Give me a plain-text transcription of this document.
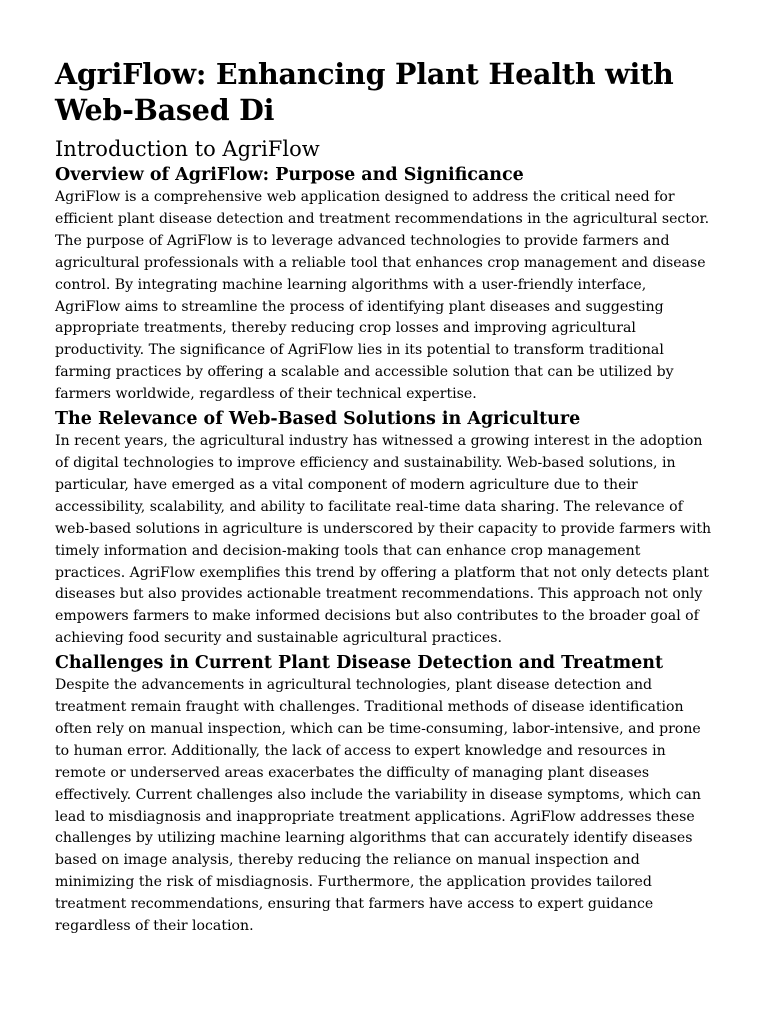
AgriFlow: Enhancing Plant Health with Web-Based Di
Introduction to AgriFlow
Overview of AgriFlow: Purpose and Significance

AgriFlow is a comprehensive web application designed to address the critical need for efficient plant disease detection and treatment recommendations in the agricultural sector. The purpose of AgriFlow is to leverage advanced technologies to provide farmers and agricultural professionals with a reliable tool that enhances crop management and disease control. By integrating machine learning algorithms with a user-friendly interface, AgriFlow aims to streamline the process of identifying plant diseases and suggesting appropriate treatments, thereby reducing crop losses and improving agricultural productivity. The significance of AgriFlow lies in its potential to transform traditional farming practices by offering a scalable and accessible solution that can be utilized by farmers worldwide, regardless of their technical expertise.

The Relevance of Web-Based Solutions in Agriculture

In recent years, the agricultural industry has witnessed a growing interest in the adoption of digital technologies to improve efficiency and sustainability. Web-based solutions, in particular, have emerged as a vital component of modern agriculture due to their accessibility, scalability, and ability to facilitate real-time data sharing. The relevance of web-based solutions in agriculture is underscored by their capacity to provide farmers with timely information and decision-making tools that can enhance crop management practices. AgriFlow exemplifies this trend by offering a platform that not only detects plant diseases but also provides actionable treatment recommendations. This approach not only empowers farmers to make informed decisions but also contributes to the broader goal of achieving food security and sustainable agricultural practices.

Challenges in Current Plant Disease Detection and Treatment

Despite the advancements in agricultural technologies, plant disease detection and treatment remain fraught with challenges. Traditional methods of disease identification often rely on manual inspection, which can be time-consuming, labor-intensive, and prone to human error. Additionally, the lack of access to expert knowledge and resources in remote or underserved areas exacerbates the difficulty of managing plant diseases effectively. Current challenges also include the variability in disease symptoms, which can lead to misdiagnosis and inappropriate treatment applications. AgriFlow addresses these challenges by utilizing machine learning algorithms that can accurately identify diseases based on image analysis, thereby reducing the reliance on manual inspection and minimizing the risk of misdiagnosis. Furthermore, the application provides tailored treatment recommendations, ensuring that farmers have access to expert guidance regardless of their location.
